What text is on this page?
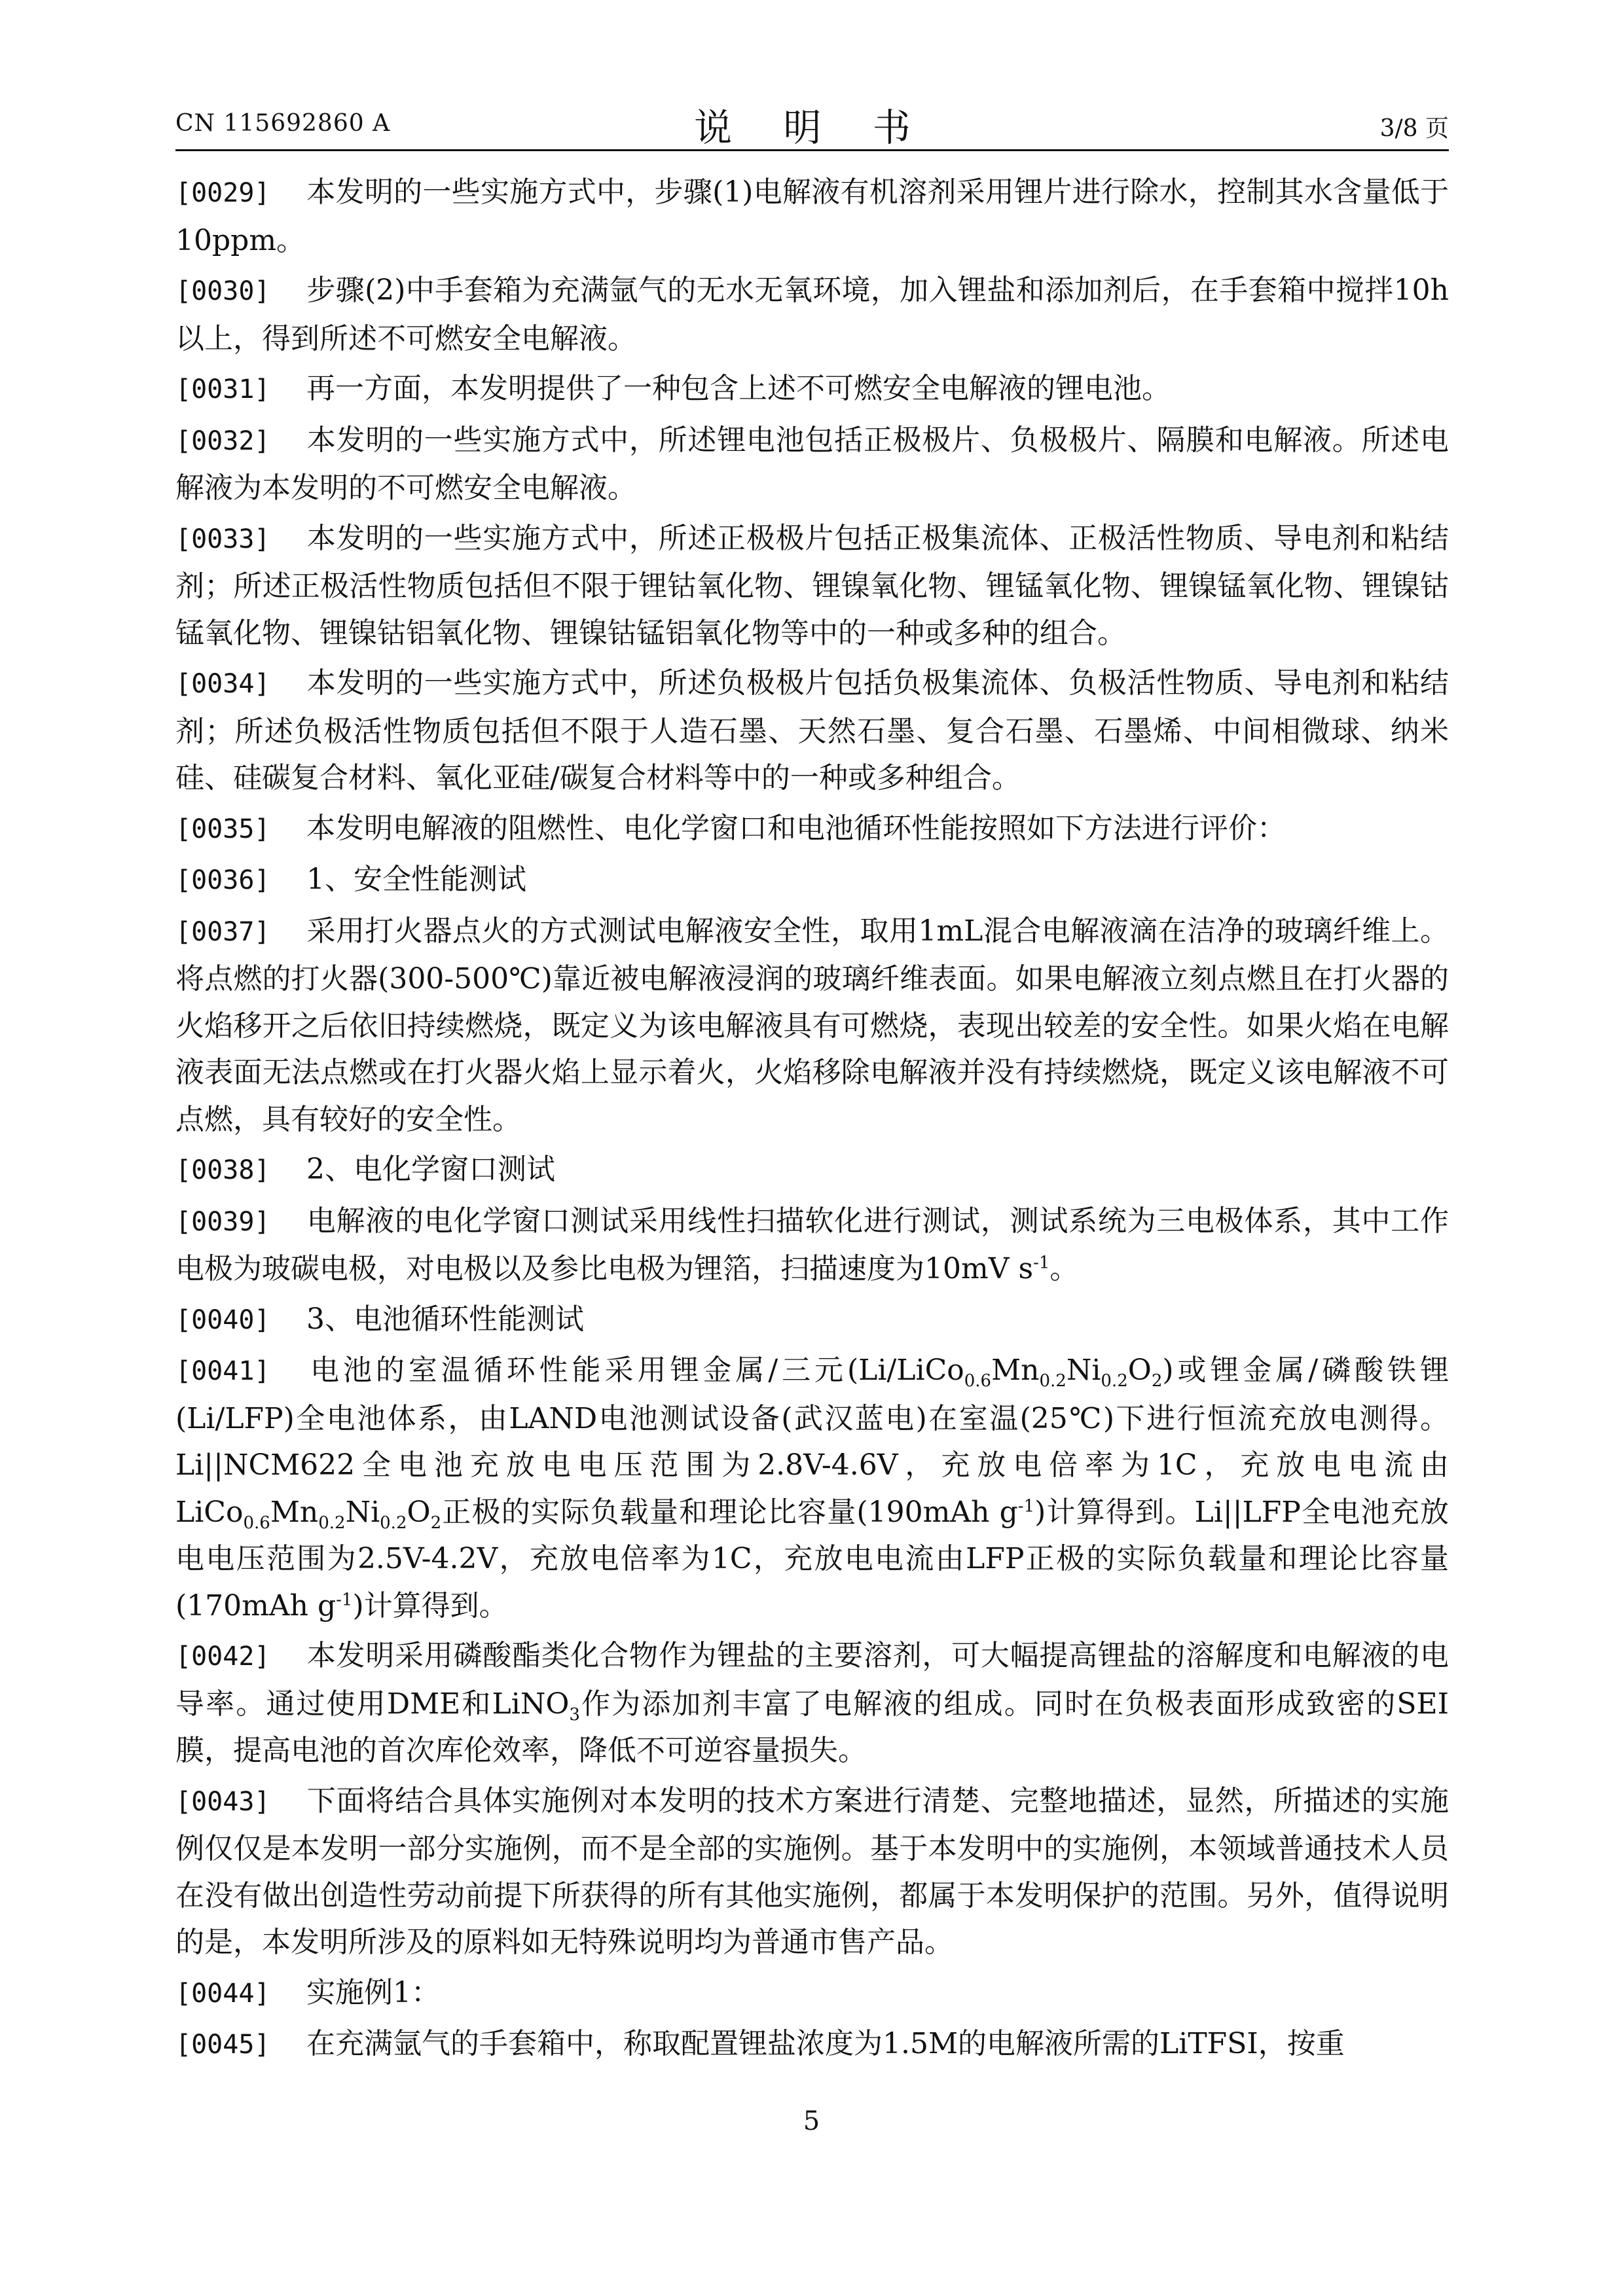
CN 115692860 A	说 明 书	3/8 页
[0029] 本发明的一些实施方式中，步骤(1)电解液有机溶剂采用锂片进行除水，控制其水含量低于10ppm。
[0030] 步骤(2)中手套箱为充满氩气的无水无氧环境，加入锂盐和添加剂后，在手套箱中搅拌10h以上，得到所述不可燃安全电解液。
[0031] 再一方面，本发明提供了一种包含上述不可燃安全电解液的锂电池。
[0032] 本发明的一些实施方式中，所述锂电池包括正极极片、负极极片、隔膜和电解液。所述电解液为本发明的不可燃安全电解液。
[0033] 本发明的一些实施方式中，所述正极极片包括正极集流体、正极活性物质、导电剂和粘结剂；所述正极活性物质包括但不限于锂钴氧化物、锂镍氧化物、锂锰氧化物、锂镍锰氧化物、锂镍钴锰氧化物、锂镍钴铝氧化物、锂镍钴锰铝氧化物等中的一种或多种的组合。
[0034] 本发明的一些实施方式中，所述负极极片包括负极集流体、负极活性物质、导电剂和粘结剂；所述负极活性物质包括但不限于人造石墨、天然石墨、复合石墨、石墨烯、中间相微球、纳米硅、硅碳复合材料、氧化亚硅/碳复合材料等中的一种或多种组合。
[0035] 本发明电解液的阻燃性、电化学窗口和电池循环性能按照如下方法进行评价：
[0036] 1、安全性能测试
[0037] 采用打火器点火的方式测试电解液安全性，取用1mL混合电解液滴在洁净的玻璃纤维上。将点燃的打火器(300-500℃)靠近被电解液浸润的玻璃纤维表面。如果电解液立刻点燃且在打火器的火焰移开之后依旧持续燃烧，既定义为该电解液具有可燃烧，表现出较差的安全性。如果火焰在电解液表面无法点燃或在打火器火焰上显示着火，火焰移除电解液并没有持续燃烧，既定义该电解液不可点燃，具有较好的安全性。
[0038] 2、电化学窗口测试
[0039] 电解液的电化学窗口测试采用线性扫描软化进行测试，测试系统为三电极体系，其中工作电极为玻碳电极，对电极以及参比电极为锂箔，扫描速度为10mV $s^{-1}$。
[0040] 3、电池循环性能测试
[0041] 电池的室温循环性能采用锂金属/三元$(Li/LiCo_{0.6}Mn_{0.2}Ni_{0.2}O_2)$或锂金属/磷酸铁锂(Li/LFP)全电池体系，由LAND电池测试设备(武汉蓝电)在室温(25℃)下进行恒流充放电测得。Li||NCM622全电池充放电电压范围为2.8V-4.6V，充放电倍率为1C，充放电电流由$LiCo_{0.6}Mn_{0.2}Ni_{0.2}O_2$正极的实际负载量和理论比容量(190mAh $g^{-1}$)计算得到。Li||LFP全电池充放电电压范围为2.5V-4.2V，充放电倍率为1C，充放电电流由LFP正极的实际负载量和理论比容量(170mAh $g^{-1}$)计算得到。
[0042] 本发明采用磷酸酯类化合物作为锂盐的主要溶剂，可大幅提高锂盐的溶解度和电解液的电导率。通过使用DME和LiNO$_3$作为添加剂丰富了电解液的组成。同时在负极表面形成致密的SEI膜，提高电池的首次库伦效率，降低不可逆容量损失。
[0043] 下面将结合具体实施例对本发明的技术方案进行清楚、完整地描述，显然，所描述的实施例仅仅是本发明一部分实施例，而不是全部的实施例。基于本发明中的实施例，本领域普通技术人员在没有做出创造性劳动前提下所获得的所有其他实施例，都属于本发明保护的范围。另外，值得说明的是，本发明所涉及的原料如无特殊说明均为普通市售产品。
[0044] 实施例1：
[0045] 在充满氩气的手套箱中，称取配置锂盐浓度为1.5M的电解液所需的LiTFSI，按重
5
